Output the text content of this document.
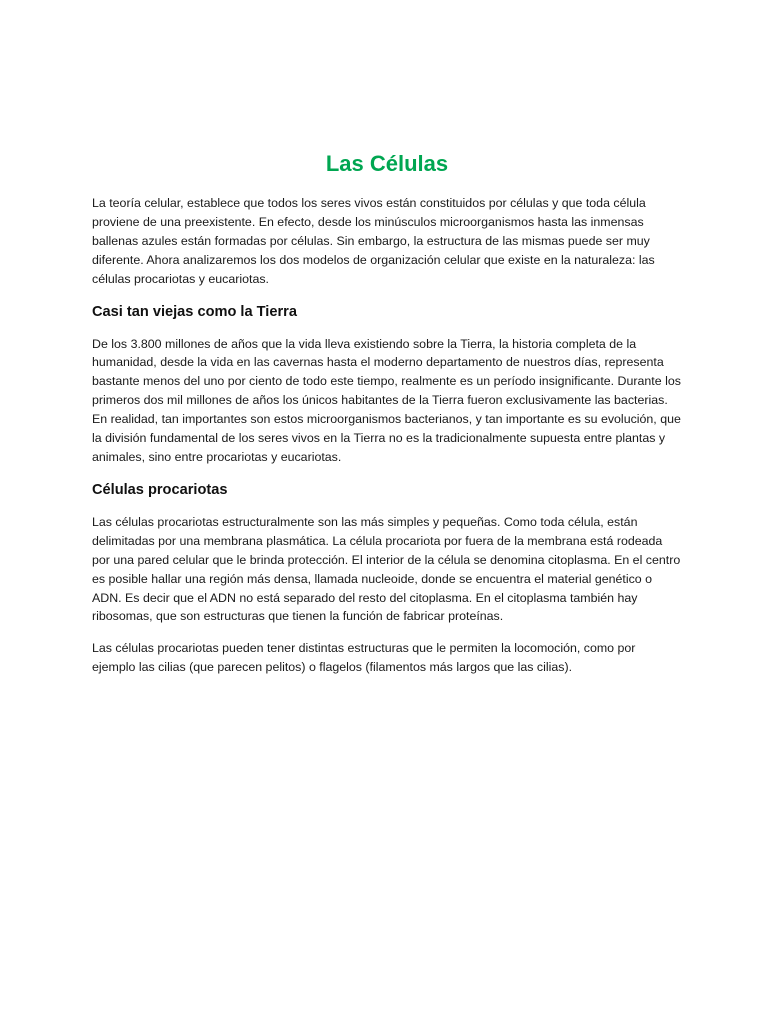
Las Células

La teoría celular, establece que todos los seres vivos están constituidos por células y que toda célula proviene de una preexistente. En efecto, desde los minúsculos microorganismos hasta las inmensas ballenas azules están formadas por células. Sin embargo, la estructura de las mismas puede ser muy diferente. Ahora analizaremos los dos modelos de organización celular que existe en la naturaleza: las células procariotas y eucariotas.

Casi tan viejas como la Tierra

De los 3.800 millones de años que la vida lleva existiendo sobre la Tierra, la historia completa de la humanidad, desde la vida en las cavernas hasta el moderno departamento de nuestros días, representa bastante menos del uno por ciento de todo este tiempo, realmente es un período insignificante. Durante los primeros dos mil millones de años los únicos habitantes de la Tierra fueron exclusivamente las bacterias. En realidad, tan importantes son estos microorganismos bacterianos, y tan importante es su evolución, que la división fundamental de los seres vivos en la Tierra no es la tradicionalmente supuesta entre plantas y animales, sino entre procariotas y eucariotas.

Células procariotas

Las células procariotas estructuralmente son las más simples y pequeñas. Como toda célula, están delimitadas por una membrana plasmática. La célula procariota por fuera de la membrana está rodeada por una pared celular que le brinda protección. El interior de la célula se denomina citoplasma. En el centro es posible hallar una región más densa, llamada nucleoide, donde se encuentra el material genético o ADN. Es decir que el ADN no está separado del resto del citoplasma. En el citoplasma también hay ribosomas, que son estructuras que tienen la función de fabricar proteínas.

Las células procariotas pueden tener distintas estructuras que le permiten la locomoción, como por ejemplo las cilias (que parecen pelitos) o flagelos (filamentos más largos que las cilias).
